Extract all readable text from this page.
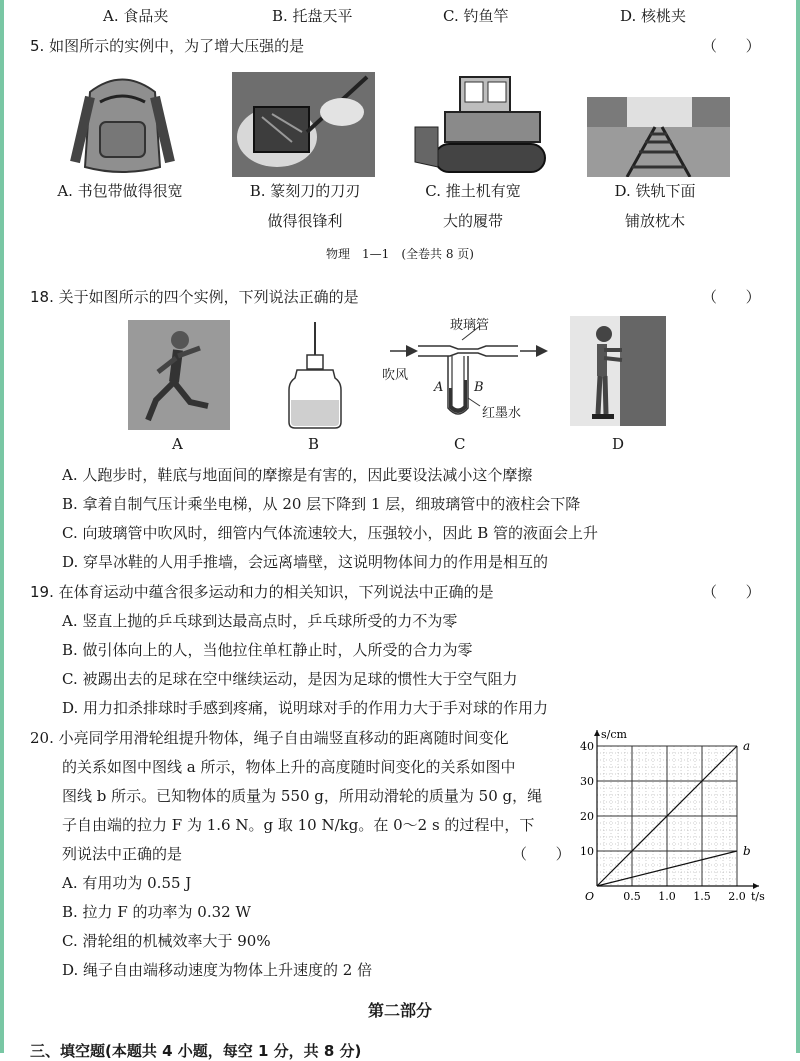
A. 食品夹	B. 托盘天平	C. 钓鱼竿	D. 核桃夹
5. 如图所示的实例中，为了增大压强的是	（      ）
A. 书包带做得很宽	B. 篆刻刀的刀刃
做得很锋利
C. 推土机有宽
大的履带
D. 铁轨下面
铺放枕木
物理　1—1　(全卷共 8 页)
18. 关于如图所示的四个实例，下列说法正确的是	（      ）
A	B
玻璃管
吹风
A B
红墨水
C	D
A. 人跑步时，鞋底与地面间的摩擦是有害的，因此要设法减小这个摩擦
B. 拿着自制气压计乘坐电梯，从 20 层下降到 1 层，细玻璃管中的液柱会下降
C. 向玻璃管中吹风时，细管内气体流速较大，压强较小，因此 B 管的液面会上升
D. 穿旱冰鞋的人用手推墙，会远离墙壁，这说明物体间力的作用是相互的
19. 在体育运动中蕴含很多运动和力的相关知识，下列说法中正确的是	（      ）
A. 竖直上抛的乒乓球到达最高点时，乒乓球所受的力不为零
B. 做引体向上的人，当他拉住单杠静止时，人所受的合力为零
C. 被踢出去的足球在空中继续运动，是因为足球的惯性大于空气阻力
D. 用力扣杀排球时手感到疼痛，说明球对手的作用力大于手对球的作用力
20. 小亮同学用滑轮组提升物体，绳子自由端竖直移动的距离随时间变化
的关系如图中图线 a 所示，物体上升的高度随时间变化的关系如图中
图线 b 所示。已知物体的质量为 550 g，所用动滑轮的质量为 50 g，绳
子自由端的拉力 F 为 1.6 N。g 取 10 N/kg。在 0～2 s 的过程中，下
列说法中正确的是	（      ）
A. 有用功为 0.55 J
B. 拉力 F 的功率为 0.32 W
C. 滑轮组的机械效率大于 90%
D. 绳子自由端移动速度为物体上升速度的 2 倍
a
b
0.5 1.0 1.5 2.0
10
20
30
40
O
s/cm
t/s
第二部分
三、填空题(本题共 4 小题，每空 1 分，共 8 分)
